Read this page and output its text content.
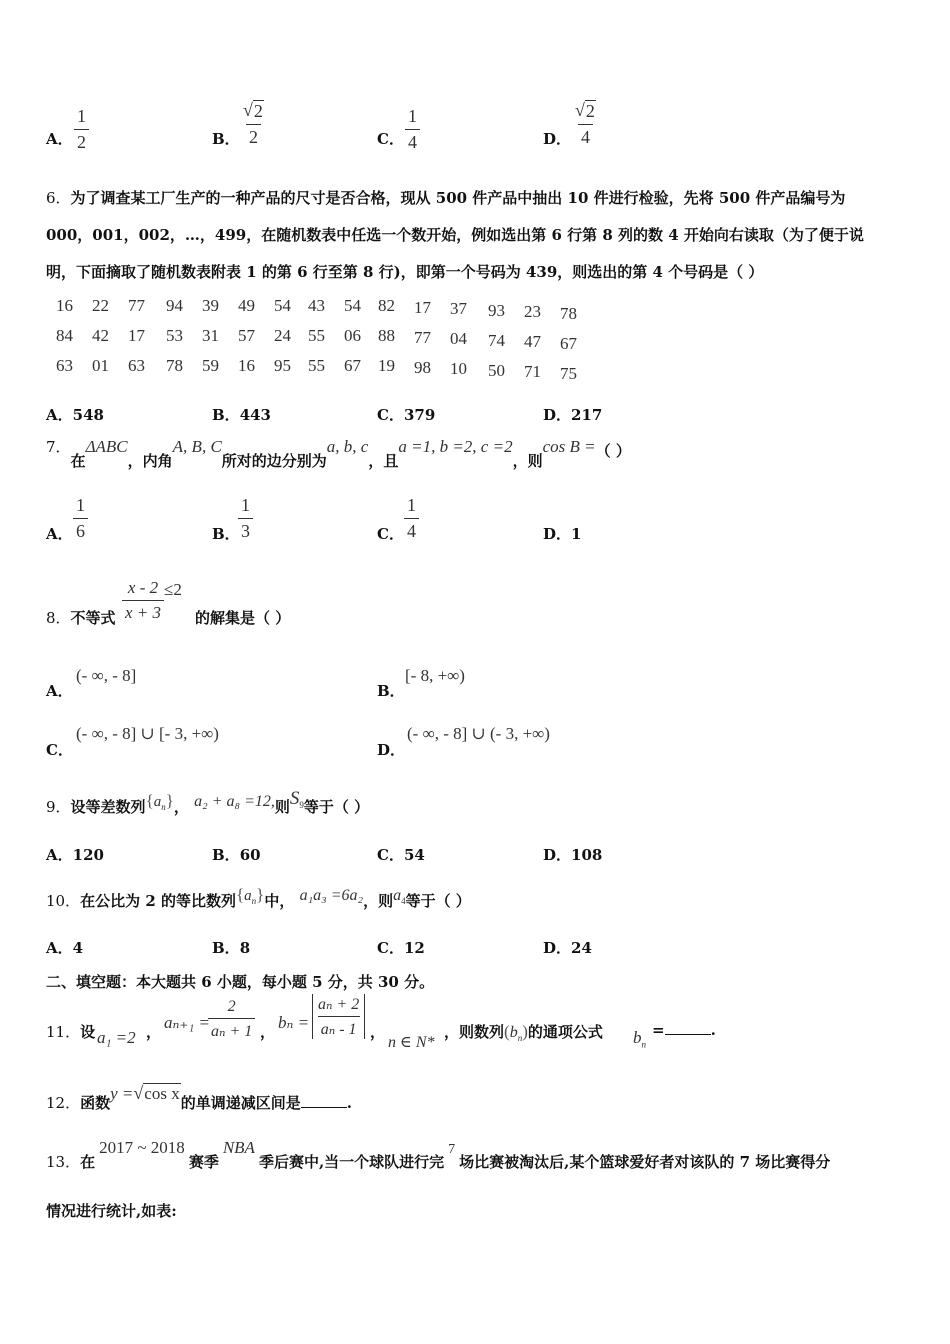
A． $\frac{1}{2}$	B． $\frac{√ 2}{2}$	C． $\frac{1}{4}$	D． $\frac{√ 2}{4}$
6．为了调查某工厂生产的一种产品的尺寸是否合格，现从 500 件产品中抽出 10 件进行检验，先将 500 件产品编号为
000，001，002，…，499，在随机数表中任选一个数开始，例如选出第 6 行第 8 列的数 4 开始向右读取（为了便于说
明，下面摘取了随机数表附表 1 的第 6 行至第 8 行)，即第一个号码为 439，则选出的第 4 个号码是（ ）
16 22 77 94 39 49 54 43 54 82 17 37 93 23 78
84 42 17 53 31 57 24 55 06 88 77 04 74 47 67
63 01 63 78 59 16 95 55 67 19 98 10 50 71 75
A．548	B．443	C．379	D．217
7．在ΔABC，内角A, B, C所对的边分别为a, b, c，且a =1, b =2, c =2，则cos B =（ ）
A． $\frac{1}{6}$	B．
$\frac{1}{3}$	C． $\frac{1}{4}$	D．1
8．不等式 $\frac{x - 2}{x + 3} \le 2$
的解集是（ ）
A．
(- ∞, - 8]
B．
[- 8, +∞)
C．
(- ∞, - 8] ∪ [- 3, +∞)
D．
(- ∞, - 8] ∪ (- 3, +∞)
9．设等差数列$\{a_n\}$， a₂ + a₈ =12,则$S_9$等于（ ）
A．120	B．60	C．54	D．108
10．在公比为 2 的等比数列$\{a_n\}$中， a₁a₃ =6a₂，则$a_4$等于（ ）
A．4	B．8	C．12	D．24
二、填空题：本大题共 6 小题，每小题 5 分，共 30 分。
11．设 a₁ =2 ， aₙ₊₁ =
$\frac{2}{\text{aₙ + 1}}$ ， $b_n = \frac{\text{aₙ + 2}}{\text{aₙ - 1}}$ ，
n ∈ N*
，则数列$(b_n)$的通项公式 $b_n$
=	.
12．函数y = √ cos x 的单调递减区间是	.
13．在2017 ~ 2018赛季NBA季后赛中,当一个球队进行完7场比赛被淘汰后,某个篮球爱好者对该队的 7 场比赛得分
情况进行统计,如表:
